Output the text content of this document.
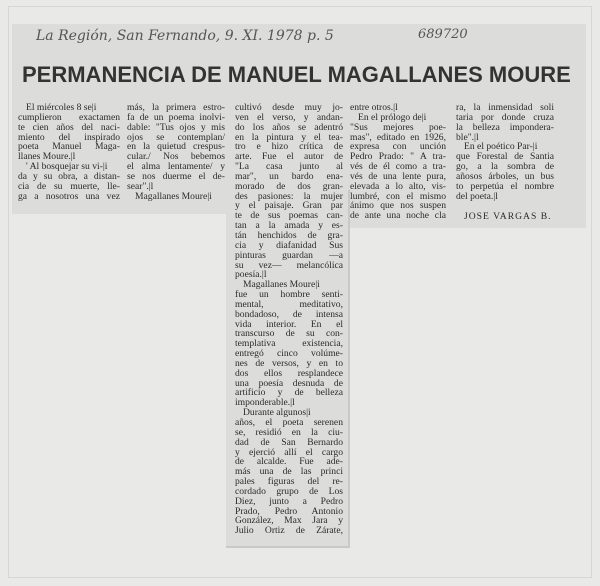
La Región, San Fernando, 9. XI. 1978 p. 5	689720
PERMANENCIA DE MANUEL MAGALLANES MOURE
El miércoles 8 se|i
cumplieron exactamen
te cien años del naci-
miento del inspirado
poeta Manuel Maga-
llanes Moure.|l
' Al bosquejar su vi-|i
da y su obra, a distan-
cia de su muerte, lle-
ga a nosotros una vez
más, la primera estro-
fa de un poema inolvi-
dable: "Tus ojos y mis
ojos se contemplan/
en la quietud crespus-
cular./ Nos bebemos
el alma lentamente/ y
se nos duerme el de-
sear".|l
Magallanes Moure|i
cultivó desde muy jo-
ven el verso, y andan-
do los años se adentró
en la pintura y el tea-
tro e hizo crítica de
arte. Fue el autor de
"La casa junto al
mar", un bardo ena-
morado de dos gran-
des pasiones: la mujer
y el paisaje. Gran par
te de sus poemas can-
tan a la amada y es-
tán henchidos de gra-
cia y diafanidad Sus
pinturas guardan —a
su vez— melancólica
poesía.|l
Magallanes Moure|i
fue un hombre senti-
mental, meditativo,
bondadoso, de intensa
vida interior. En el
transcurso de su con-
templativa existencia,
entregó cinco volúme-
nes de versos, y en to
dos ellos resplandece
una poesía desnuda de
artificio y de belleza
imponderable.|l
Durante algunos|i
años, el poeta serenen
se, residió en la ciu-
dad de San Bernardo
y ejerció allí el cargo
de alcalde. Fue ade-
más una de las princi
pales figuras del re-
cordado grupo de Los
Diez, junto a Pedro
Prado, Pedro Antonio
González, Max Jara y
Julio Ortiz de Zárate,
entre otros.|l
En el prólogo de|i
"Sus mejores poe-
mas", editado en 1926,
expresa con unción
Pedro Prado: " A tra-
vés de él como a tra-
vés de una lente pura,
elevada a lo alto, vis-
lumbré, con el mismo
ánimo que nos suspen
de ante una noche cla
ra, la inmensidad soli
taria por donde cruza
la belleza imponderа-
ble".|l
En el poético Par-|i
que Forestal de Santia
go, a la sombra de
añosos árboles, un bus
to perpetúa el nombre
del poeta.|l
JOSE VARGAS B.
